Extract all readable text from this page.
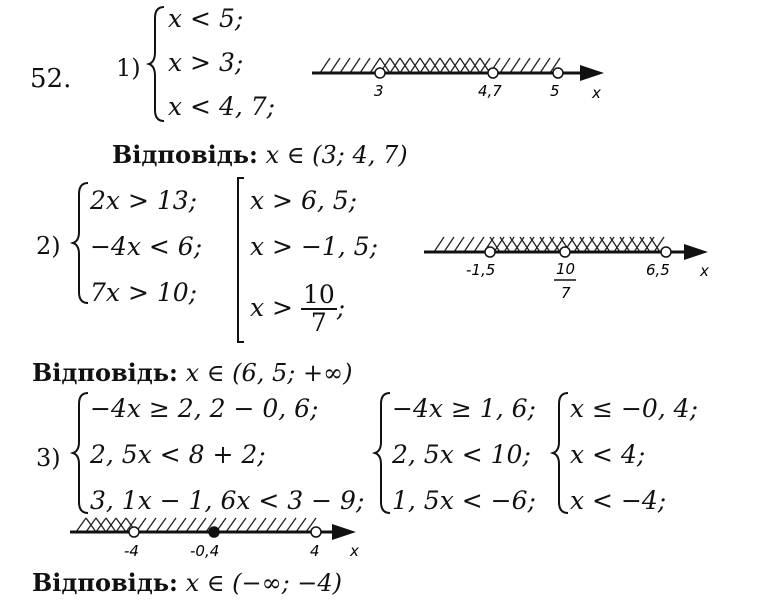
52. 1)
x < 5;
x > 3;
x < 4, 7;
3	4,7	5 x
Відповідь: x ∈ (3; 4, 7)
2)
2x > 13;
−4x < 6;
7x > 10;
x > 6, 5;
x > −1, 5;
$x > \frac{10}{7}$ ;
-1,5	10
7
6,5 x
Відповідь: x ∈ (6, 5; +∞)
3)
−4x ≥ 2, 2 − 0, 6;
2, 5x < 8 + 2;
3, 1x − 1, 6x < 3 − 9;
−4x ≥ 1, 6;
2, 5x < 10;
1, 5x < −6;
x ≤ −0, 4;
x < 4;
x < −4;
-4	-0,4	4 x
Відповідь: x ∈ (−∞; −4)
